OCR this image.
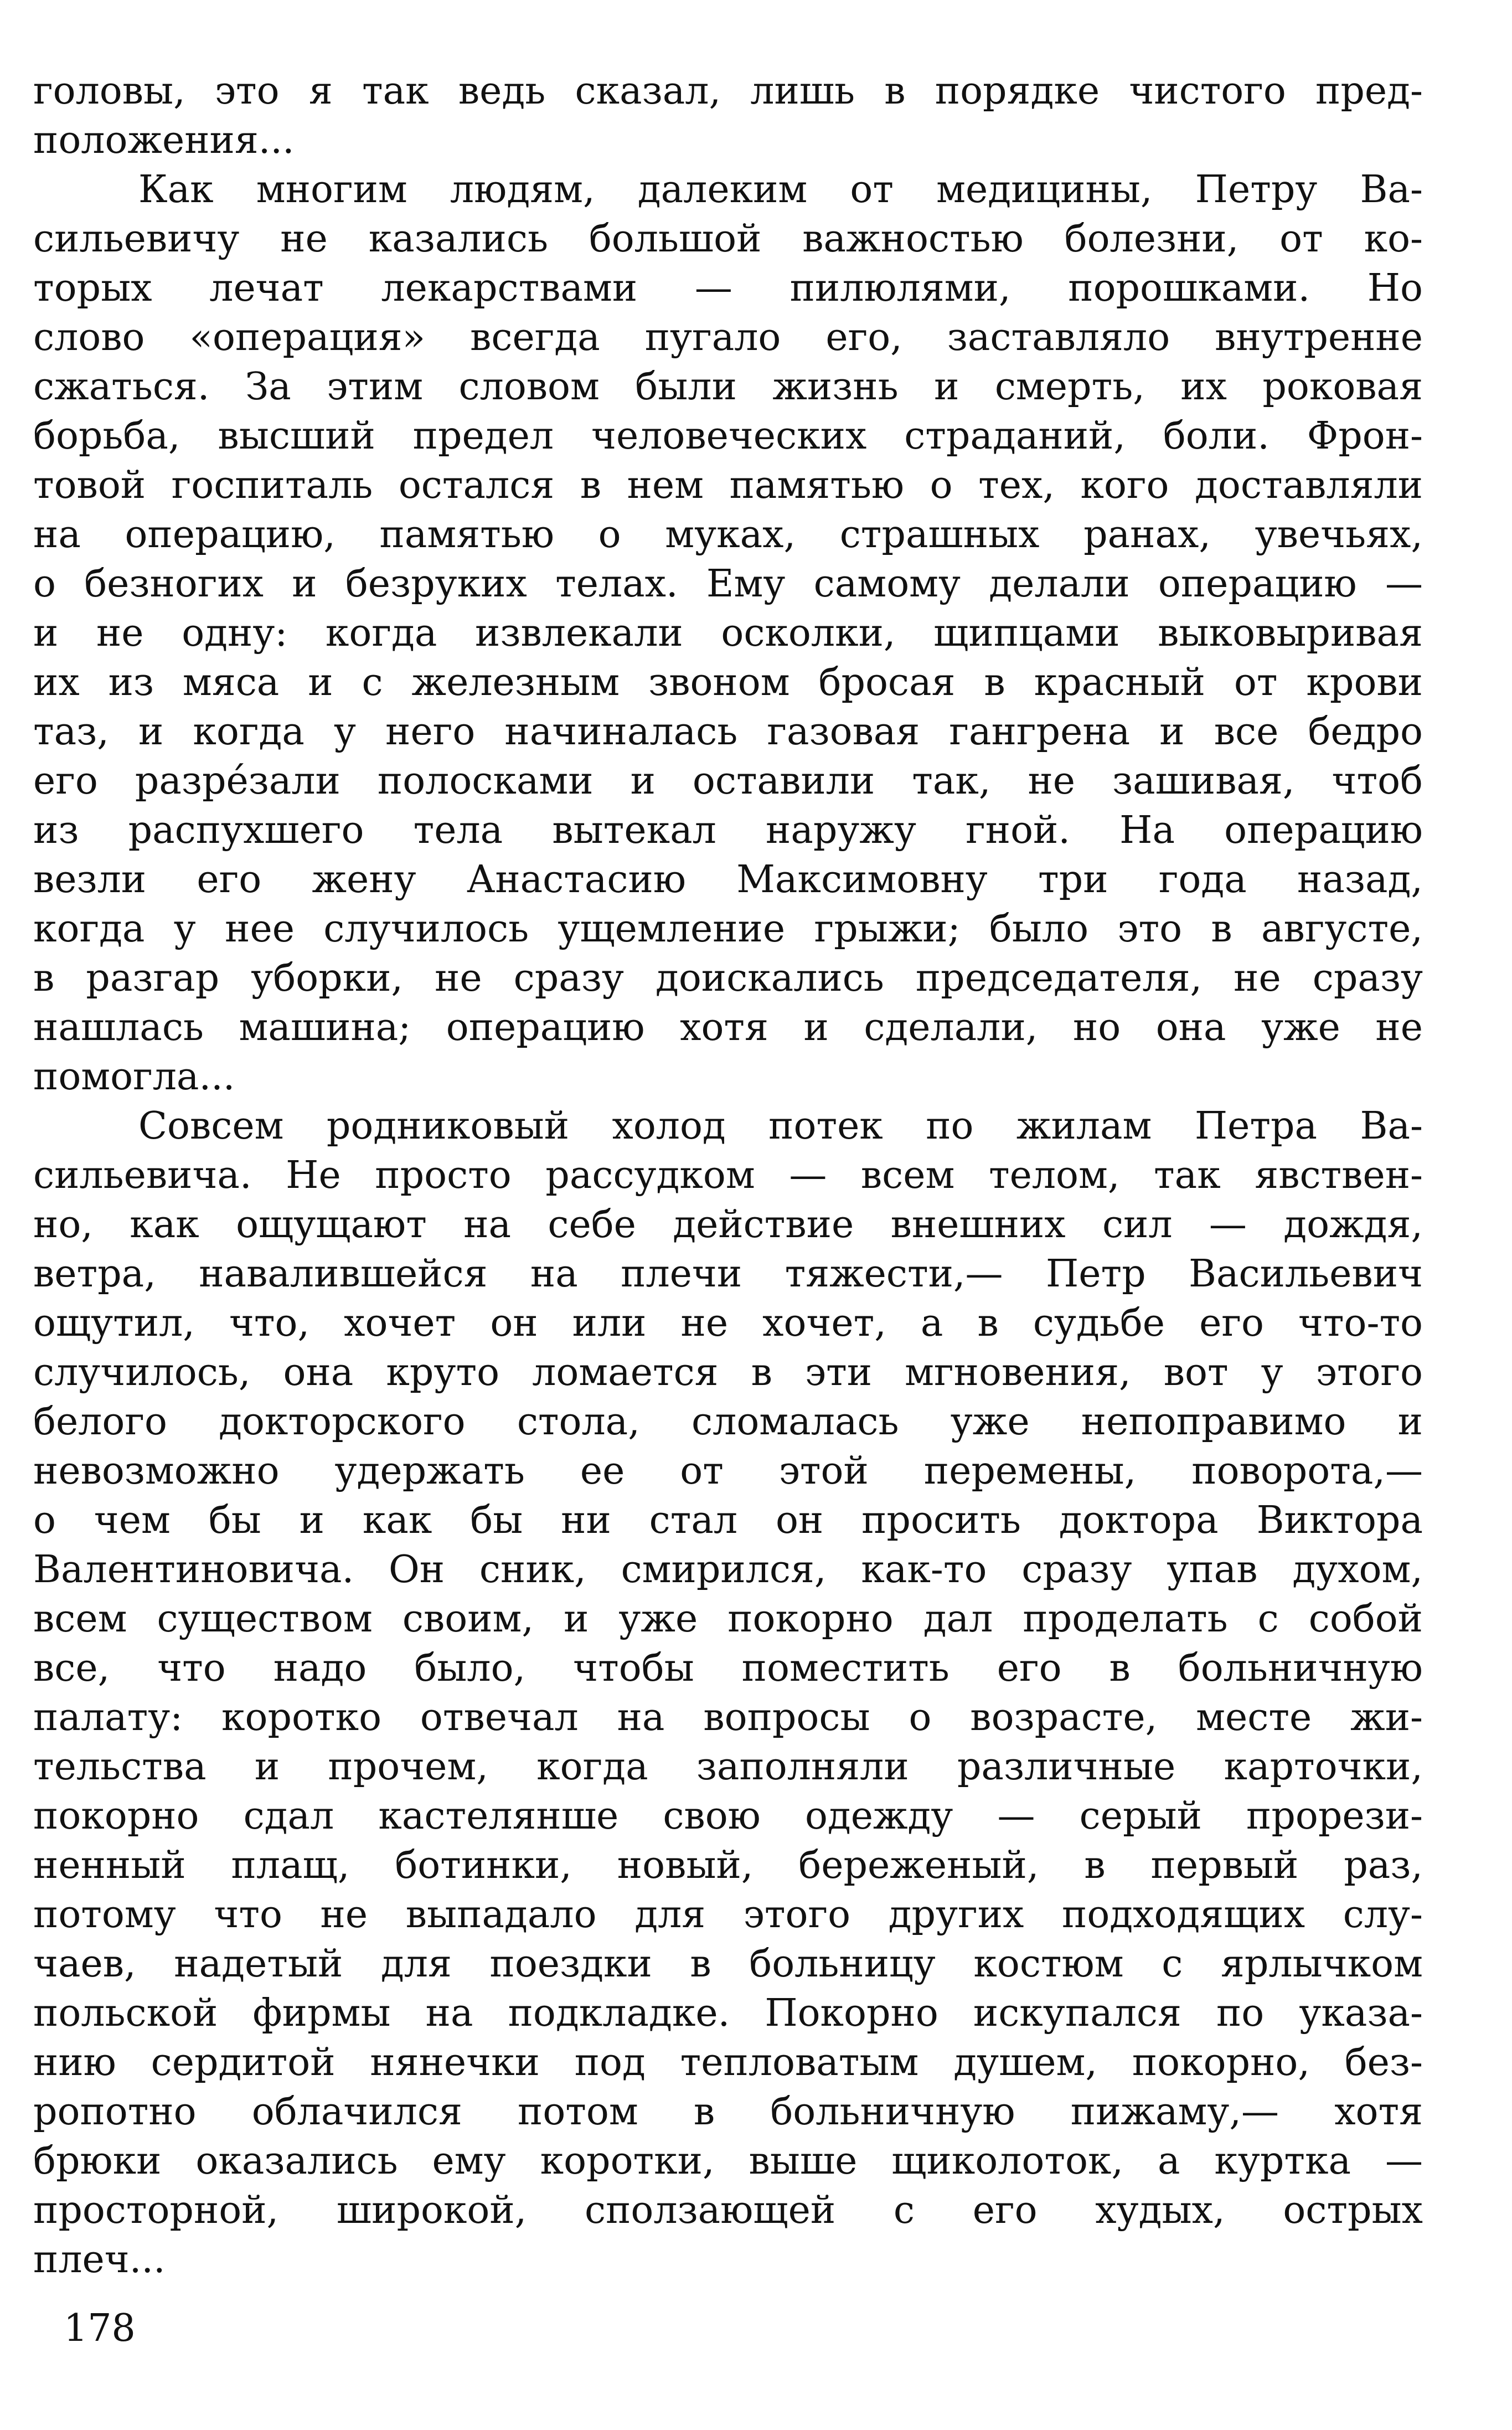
головы, это я так ведь сказал, лишь в порядке чистого пред-
положения...
Как многим людям, далеким от медицины, Петру Ва-
сильевичу не казались большой важностью болезни, от ко-
торых лечат лекарствами — пилюлями, порошками. Но
слово «операция» всегда пугало его, заставляло внутренне
сжаться. За этим словом были жизнь и смерть, их роковая
борьба, высший предел человеческих страданий, боли. Фрон-
товой госпиталь остался в нем памятью о тех, кого доставляли
на операцию, памятью о муках, страшных ранах, увечьях,
о безногих и безруких телах. Ему самому делали операцию —
и не одну: когда извлекали осколки, щипцами выковыривая
их из мяса и с железным звоном бросая в красный от крови
таз, и когда у него начиналась газовая гангрена и все бедро
его разрéзали полосками и оставили так, не зашивая, чтоб
из распухшего тела вытекал наружу гной. На операцию
везли его жену Анастасию Максимовну три года назад,
когда у нее случилось ущемление грыжи; было это в августе,
в разгар уборки, не сразу доискались председателя, не сразу
нашлась машина; операцию хотя и сделали, но она уже не
помогла...
Совсем родниковый холод потек по жилам Петра Ва-
сильевича. Не просто рассудком — всем телом, так явствен-
но, как ощущают на себе действие внешних сил — дождя,
ветра, навалившейся на плечи тяжести,— Петр Васильевич
ощутил, что, хочет он или не хочет, а в судьбе его что-то
случилось, она круто ломается в эти мгновения, вот у этого
белого докторского стола, сломалась уже непоправимо и
невозможно удержать ее от этой перемены, поворота,—
о чем бы и как бы ни стал он просить доктора Виктора
Валентиновича. Он сник, смирился, как-то сразу упав духом,
всем существом своим, и уже покорно дал проделать с собой
все, что надо было, чтобы поместить его в больничную
палату: коротко отвечал на вопросы о возрасте, месте жи-
тельства и прочем, когда заполняли различные карточки,
покорно сдал кастелянше свою одежду — серый прорези-
ненный плащ, ботинки, новый, береженый, в первый раз,
потому что не выпадало для этого других подходящих слу-
чаев, надетый для поездки в больницу костюм с ярлычком
польской фирмы на подкладке. Покорно искупался по указа-
нию сердитой нянечки под тепловатым душем, покорно, без-
ропотно облачился потом в больничную пижаму,— хотя
брюки оказались ему коротки, выше щиколоток, а куртка —
просторной, широкой, сползающей с его худых, острых
плеч...
178
